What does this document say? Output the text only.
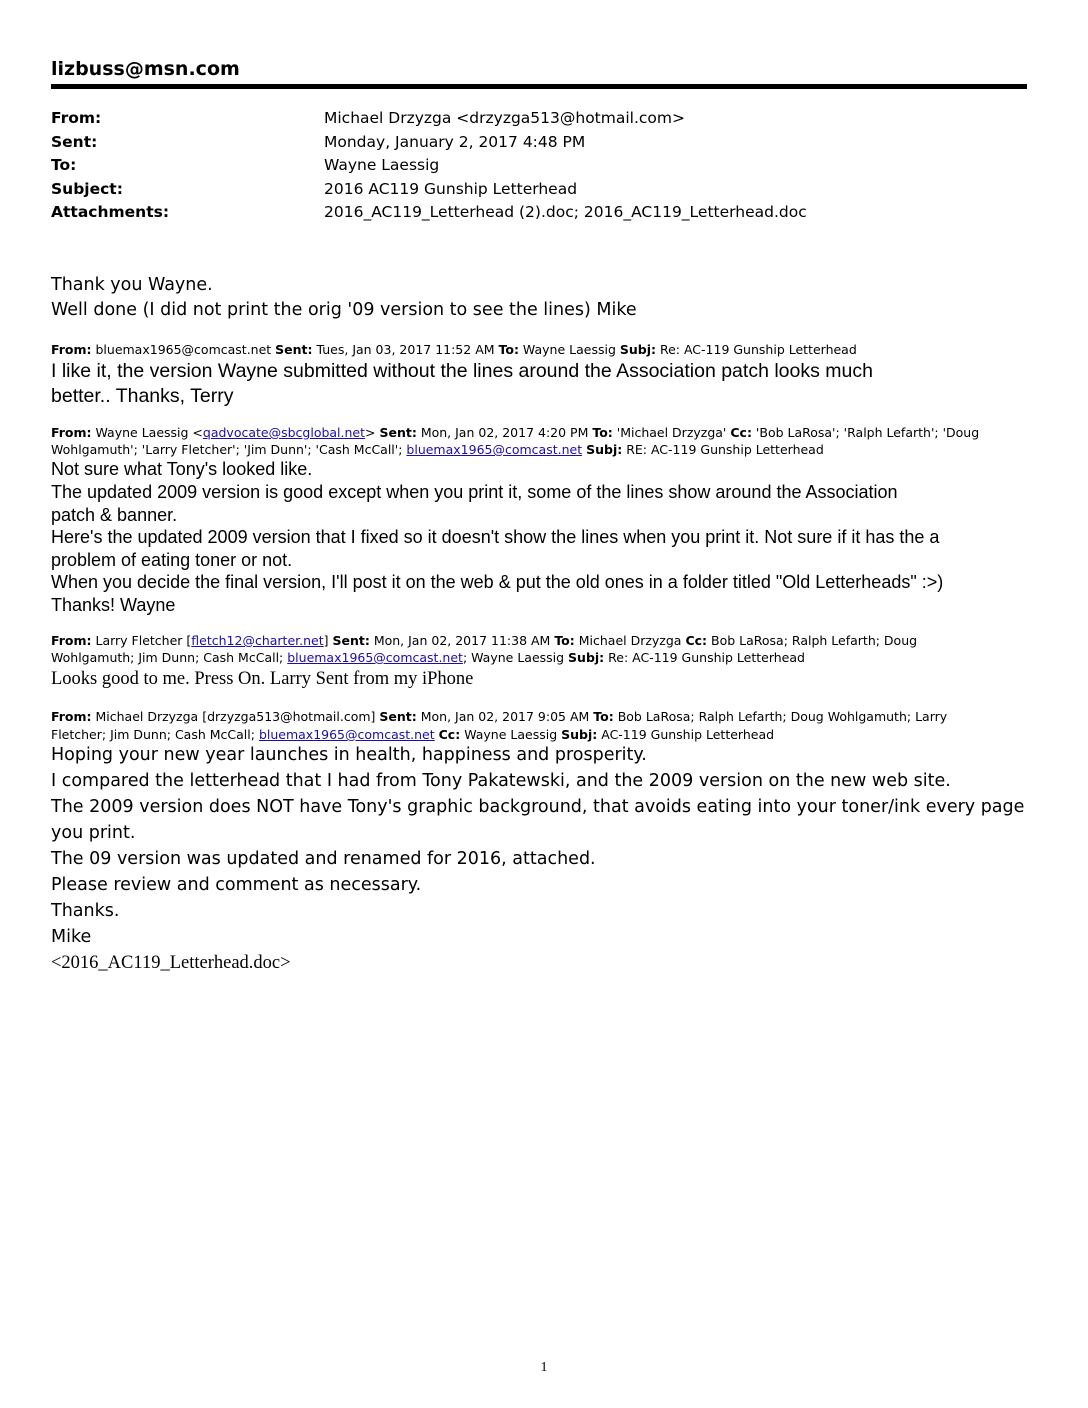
lizbuss@msn.com
From:	Michael Drzyzga <drzyzga513@hotmail.com>
Sent:	Monday, January 2, 2017 4:48 PM
To:	Wayne Laessig
Subject:	2016 AC119 Gunship Letterhead
Attachments:	2016_AC119_Letterhead (2).doc; 2016_AC119_Letterhead.doc
Thank you Wayne.
Well done (I did not print the orig '09 version to see the lines) Mike
From: bluemax1965@comcast.net Sent: Tues, Jan 03, 2017 11:52 AM To: Wayne Laessig Subj: Re: AC-119 Gunship Letterhead
I like it, the version Wayne submitted without the lines around the Association patch looks much
better.. Thanks, Terry
From: Wayne Laessig <qadvocate@sbcglobal.net> Sent: Mon, Jan 02, 2017 4:20 PM To: 'Michael Drzyzga' Cc: 'Bob LaRosa'; 'Ralph Lefarth'; 'Doug
Wohlgamuth'; 'Larry Fletcher'; 'Jim Dunn'; 'Cash McCall'; bluemax1965@comcast.net Subj: RE: AC-119 Gunship Letterhead
Not sure what Tony's looked like.
The updated 2009 version is good except when you print it, some of the lines show around the Association
patch & banner.
Here's the updated 2009 version that I fixed so it doesn't show the lines when you print it. Not sure if it has the a
problem of eating toner or not.
When you decide the final version, I'll post it on the web & put the old ones in a folder titled "Old Letterheads" :>)
Thanks! Wayne
From: Larry Fletcher [fletch12@charter.net] Sent: Mon, Jan 02, 2017 11:38 AM To: Michael Drzyzga Cc: Bob LaRosa; Ralph Lefarth; Doug
Wohlgamuth; Jim Dunn; Cash McCall; bluemax1965@comcast.net; Wayne Laessig Subj: Re: AC-119 Gunship Letterhead
Looks good to me. Press On. Larry Sent from my iPhone
From: Michael Drzyzga [drzyzga513@hotmail.com] Sent: Mon, Jan 02, 2017 9:05 AM To: Bob LaRosa; Ralph Lefarth; Doug Wohlgamuth; Larry
Fletcher; Jim Dunn; Cash McCall; bluemax1965@comcast.net Cc: Wayne Laessig Subj: AC-119 Gunship Letterhead
Hoping your new year launches in health, happiness and prosperity.
I compared the letterhead that I had from Tony Pakatewski, and the 2009 version on the new web site.
The 2009 version does NOT have Tony's graphic background, that avoids eating into your toner/ink every page
you print.
The 09 version was updated and renamed for 2016, attached.
Please review and comment as necessary.
Thanks.
Mike
<2016_AC119_Letterhead.doc>
1
